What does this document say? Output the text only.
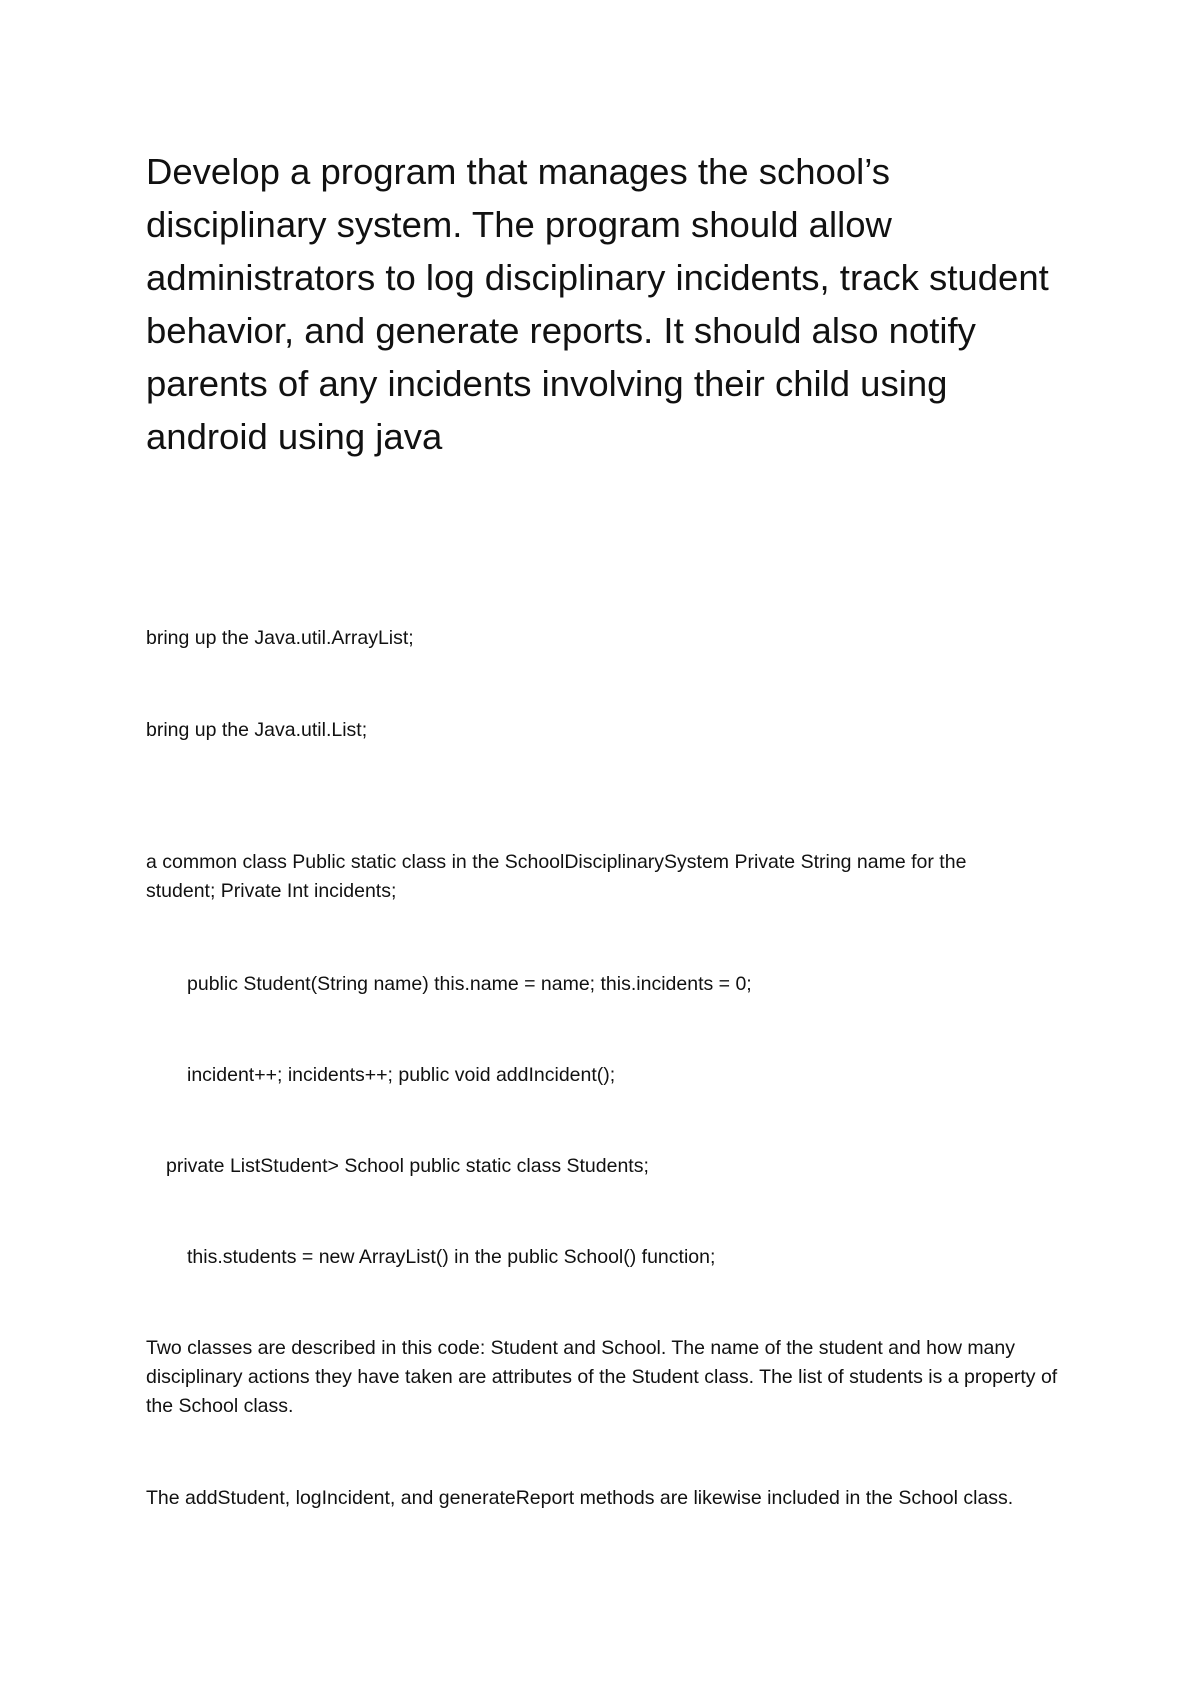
Develop a program that manages the school’s disciplinary system. The program should allow administrators to log disciplinary incidents, track student behavior, and generate reports. It should also notify parents of any incidents involving their child using android using java

bring up the Java.util.ArrayList;

bring up the Java.util.List;

a common class Public static class in the SchoolDisciplinarySystem Private String name for the student; Private Int incidents;

public Student(String name) this.name = name; this.incidents = 0;

incident++; incidents++; public void addIncident();

private ListStudent> School public static class Students;

this.students = new ArrayList() in the public School() function;

Two classes are described in this code: Student and School. The name of the student and how many disciplinary actions they have taken are attributes of the Student class. The list of students is a property of the School class.

The addStudent, logIncident, and generateReport methods are likewise included in the School class.
